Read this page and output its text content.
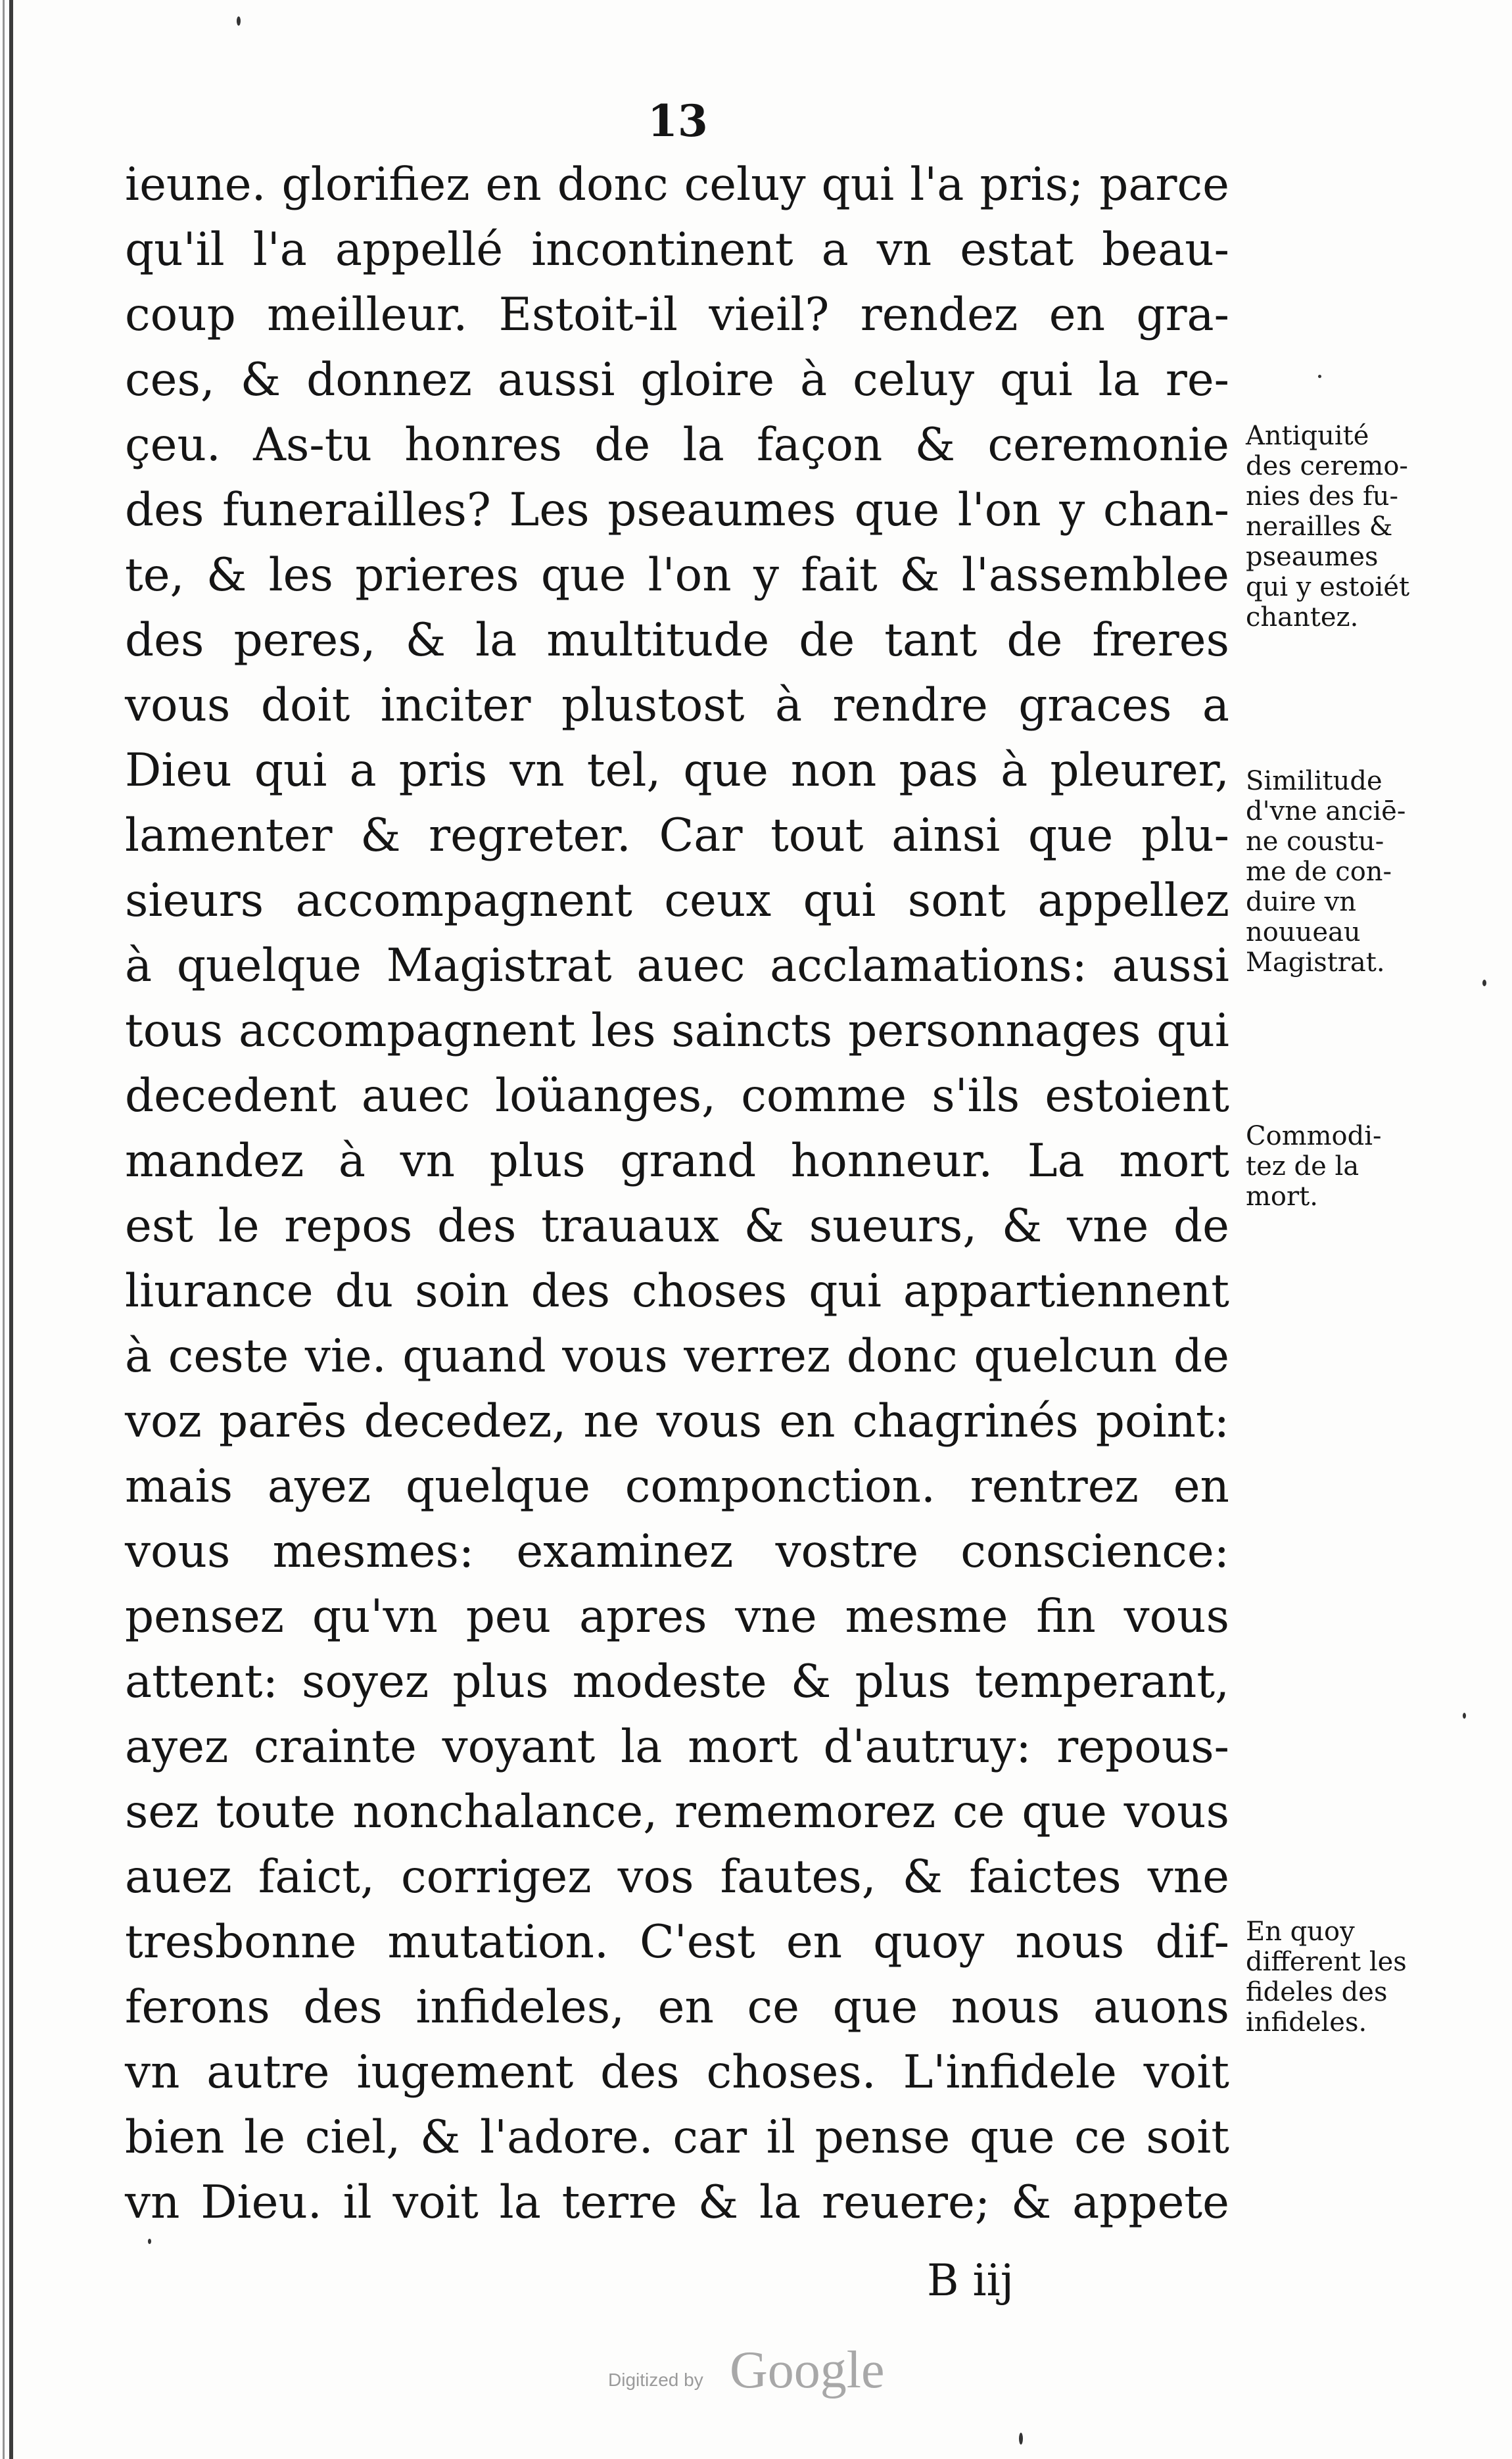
13
ieune. glorifiez en donc celuy qui l'a pris; parce
qu'il l'a appellé incontinent a vn estat beau-
coup meilleur. Estoit-il vieil? rendez en gra-
ces, & donnez aussi gloire à celuy qui la re-
çeu. As-tu honres de la façon & ceremonie
des funerailles? Les pseaumes que l'on y chan-
te, & les prieres que l'on y fait & l'assemblee
des peres, & la multitude de tant de freres
vous doit inciter plustost à rendre graces a
Dieu qui a pris vn tel, que non pas à pleurer,
lamenter & regreter. Car tout ainsi que plu-
sieurs accompagnent ceux qui sont appellez
à quelque Magistrat auec acclamations: aussi
tous accompagnent les saincts personnages qui
decedent auec loüanges, comme s'ils estoient
mandez à vn plus grand honneur. La mort
est le repos des trauaux & sueurs, & vne de
liurance du soin des choses qui appartiennent
à ceste vie. quand vous verrez donc quelcun de
voz parēs decedez, ne vous en chagrinés point:
mais ayez quelque componction. rentrez en
vous mesmes: examinez vostre conscience:
pensez qu'vn peu apres vne mesme fin vous
attent: soyez plus modeste & plus temperant,
ayez crainte voyant la mort d'autruy: repous-
sez toute nonchalance, rememorez ce que vous
auez faict, corrigez vos fautes, & faictes vne
tresbonne mutation. C'est en quoy nous dif-
ferons des infideles, en ce que nous auons
vn autre iugement des choses. L'infidele voit
bien le ciel, & l'adore. car il pense que ce soit
vn Dieu. il voit la terre & la reuere; & appete
Antiquité
des ceremo-
nies des fu-
nerailles &
pseaumes
qui y estoiét
chantez.
Similitude
d'vne anciē-
ne coustu-
me de con-
duire vn
nouueau
Magistrat.
Commodi-
tez de la
mort.
En quoy
different les
fideles des
infideles.
B iij
Digitized by Google
